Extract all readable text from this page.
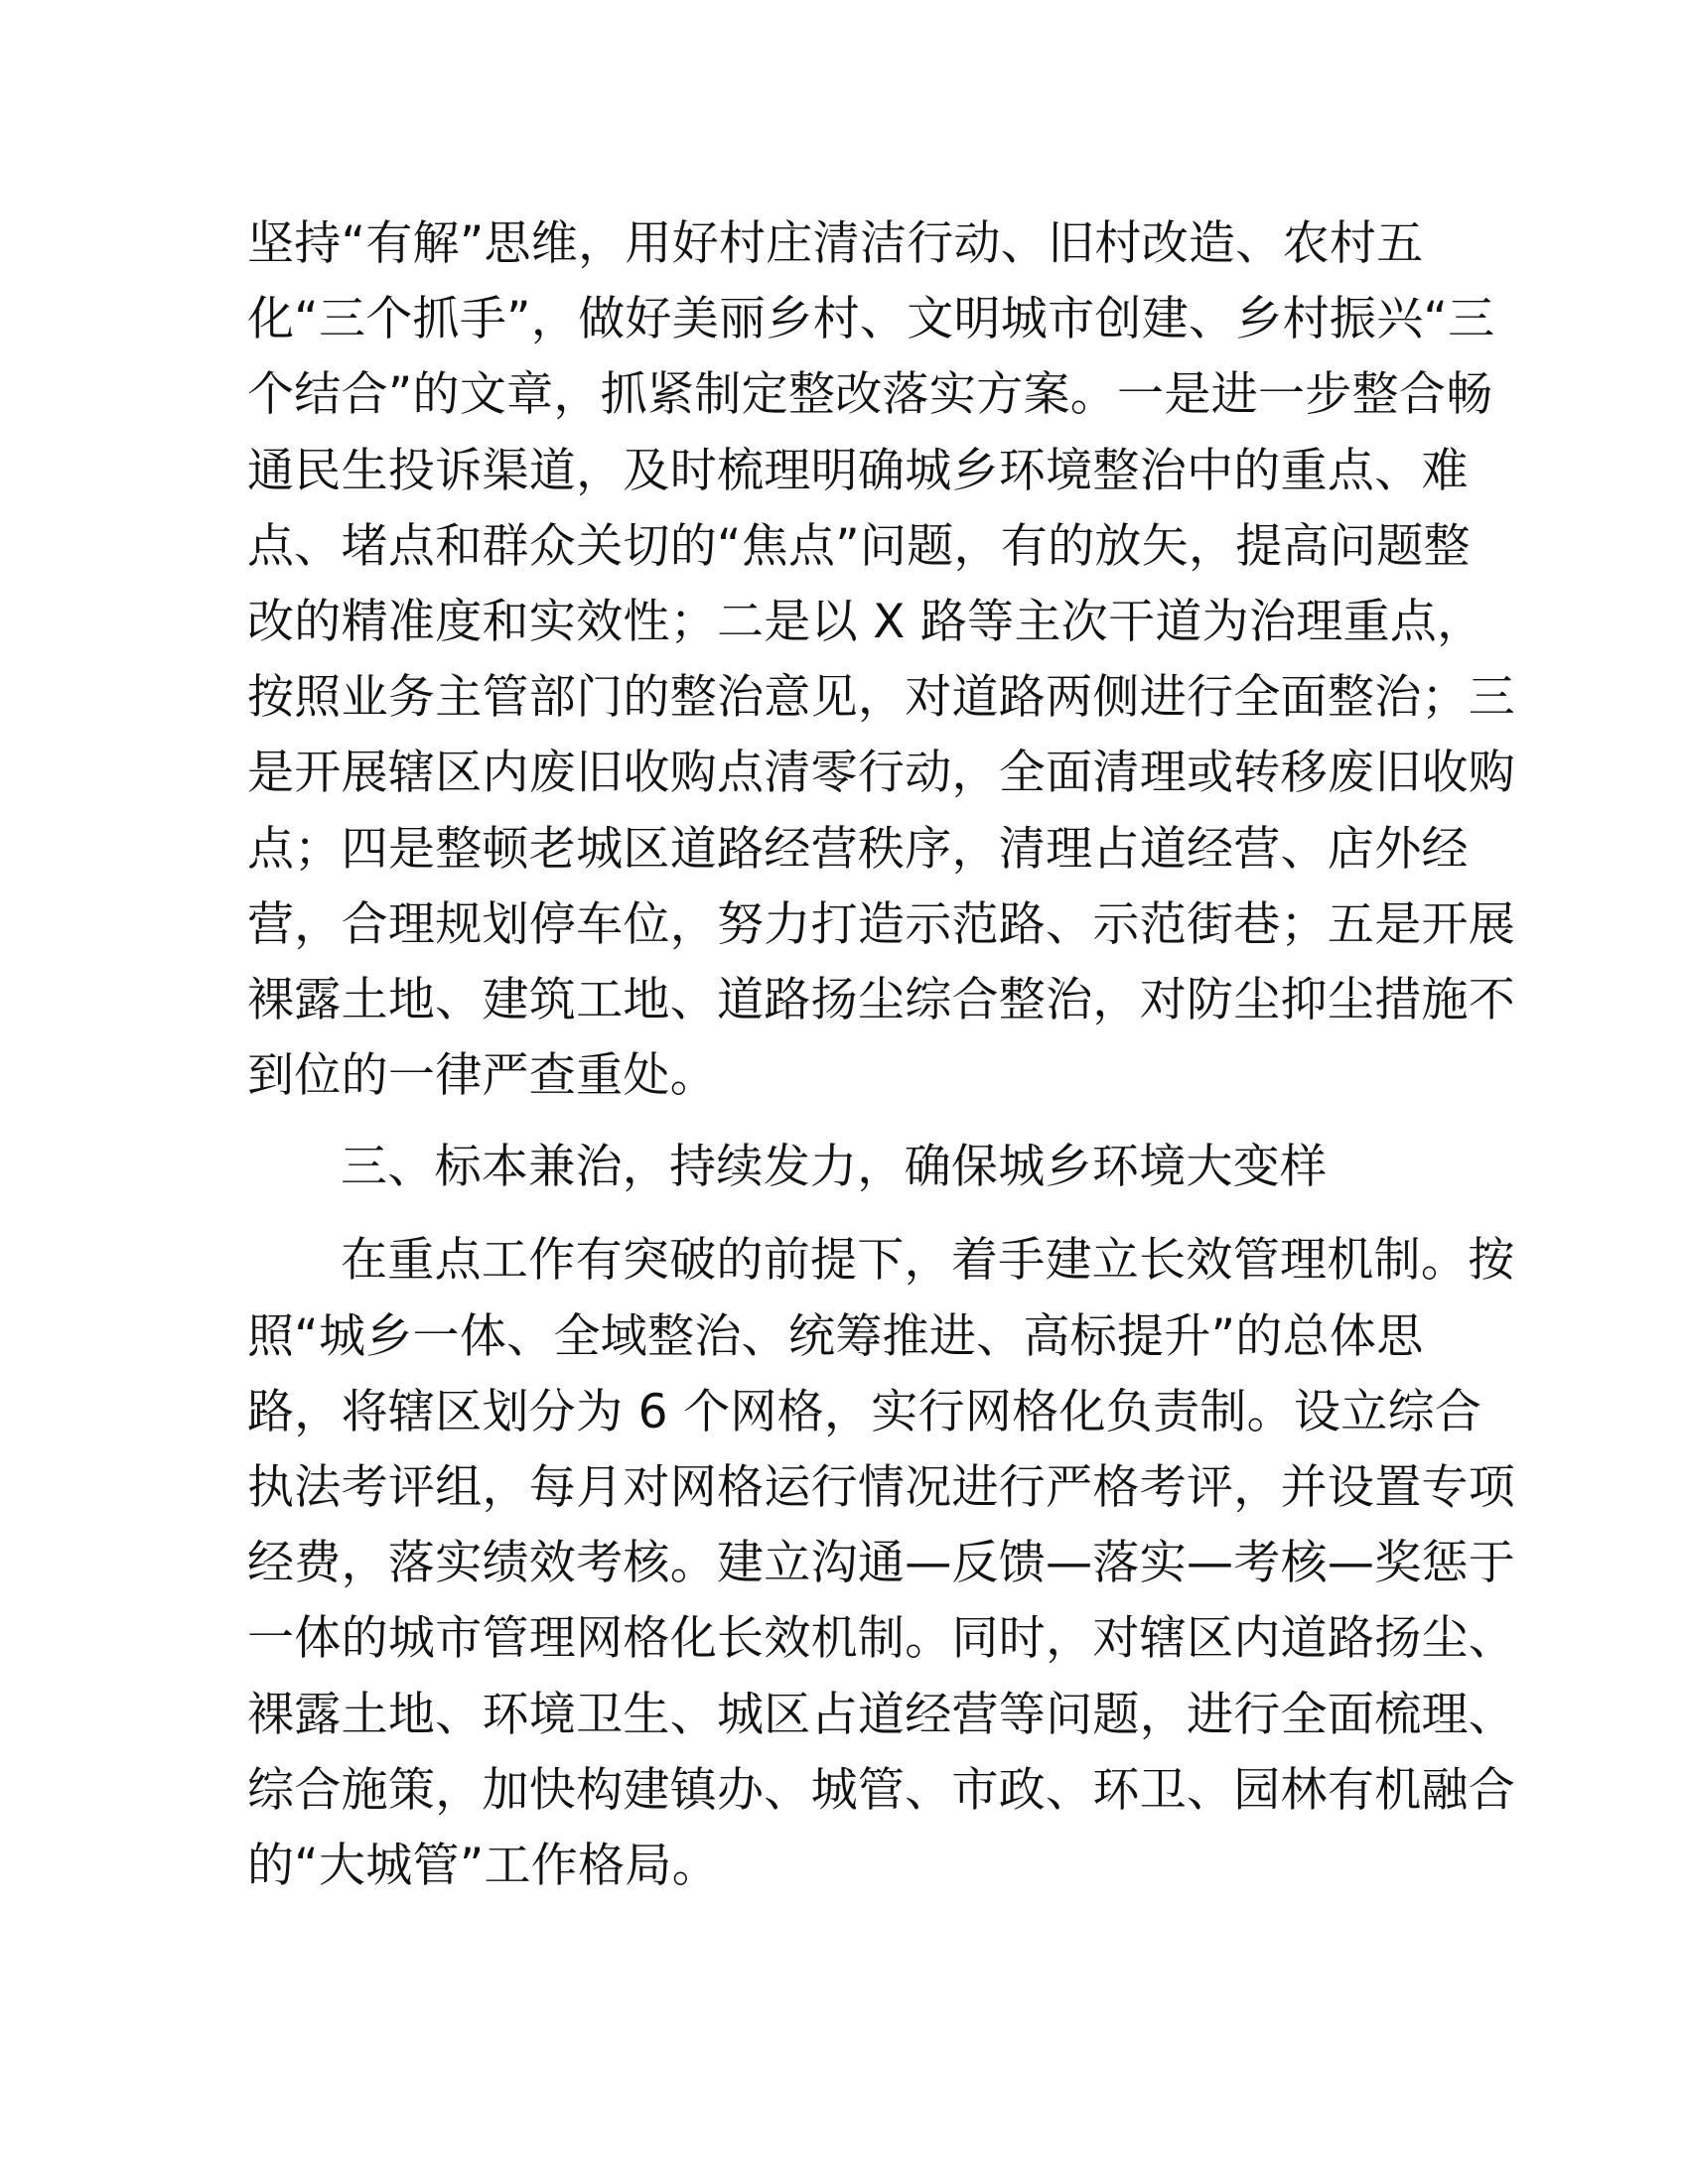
坚持“有解”思维，用好村庄清洁行动、旧村改造、农村五
化“三个抓手”，做好美丽乡村、文明城市创建、乡村振兴“三
个结合”的文章，抓紧制定整改落实方案。一是进一步整合畅
通民生投诉渠道，及时梳理明确城乡环境整治中的重点、难
点、堵点和群众关切的“焦点”问题，有的放矢，提高问题整
改的精准度和实效性；二是以 X 路等主次干道为治理重点，
按照业务主管部门的整治意见，对道路两侧进行全面整治；三
是开展辖区内废旧收购点清零行动，全面清理或转移废旧收购
点；四是整顿老城区道路经营秩序，清理占道经营、店外经
营，合理规划停车位，努力打造示范路、示范街巷；五是开展
裸露土地、建筑工地、道路扬尘综合整治，对防尘抑尘措施不
到位的一律严查重处。
三、标本兼治，持续发力，确保城乡环境大变样
在重点工作有突破的前提下，着手建立长效管理机制。按
照“城乡一体、全域整治、统筹推进、高标提升”的总体思
路，将辖区划分为 6 个网格，实行网格化负责制。设立综合
执法考评组，每月对网格运行情况进行严格考评，并设置专项
经费，落实绩效考核。建立沟通—反馈—落实—考核—奖惩于
一体的城市管理网格化长效机制。同时，对辖区内道路扬尘、
裸露土地、环境卫生、城区占道经营等问题，进行全面梳理、
综合施策，加快构建镇办、城管、市政、环卫、园林有机融合
的“大城管”工作格局。
